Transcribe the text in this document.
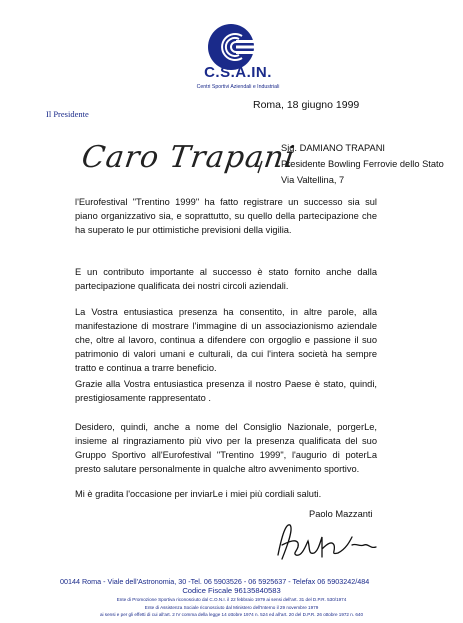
C.S.A.IN.
Centri Sportivi Aziendali e Industriali
Il Presidente
Roma, 18 giugno 1999
Caro Trapani
Sig. DAMIANO TRAPANI
Presidente Bowling Ferrovie dello Stato
Via Valtellina, 7
l'Eurofestival "Trentino 1999" ha fatto registrare un successo sia sul piano organizzativo sia, e soprattutto, su quello della partecipazione che ha superato le pur ottimistiche previsioni della vigilia.
E un contributo importante al successo è stato fornito anche dalla partecipazione qualificata dei nostri circoli aziendali.
La Vostra entusiastica presenza ha consentito, in altre parole, alla manifestazione di mostrare l'immagine di un associazionismo aziendale che, oltre al lavoro, continua a difendere con orgoglio e passione il suo patrimonio di valori umani e culturali, da cui l'intera società ha sempre tratto e continua a trarre beneficio.
Grazie alla Vostra entusiastica presenza il nostro Paese è stato, quindi, prestigiosamente rappresentato .
Desidero, quindi, anche a nome del Consiglio Nazionale, porgerLe, insieme al ringraziamento più vivo per la presenza qualificata del suo Gruppo Sportivo all'Eurofestival "Trentino 1999", l'augurio di poterLa presto salutare personalmente in qualche altro avvenimento sportivo.
Mi è gradita l'occasione per inviarLe i miei più cordiali saluti.
Paolo Mazzanti
00144 Roma - Viale dell'Astronomia, 30 -Tel. 06 5903526 - 06 5925637 - Telefax 06 5903242/484
Codice Fiscale 96135840583
Ente di Promozione Sportiva riconosciuto dal C.O.N.I. il 22 febbraio 1979 ai sensi dell'art. 31 del D.P.R. 530/1974
Ente di Assistenza Sociale riconosciuto dal Ministero dell'Interno il 29 novembre 1979
ai sensi e per gli effetti di cui all'art. 2 IV comma della legge 14 ottobre 1974 n. 524 ed all'art. 20 del D.P.R. 26 ottobre 1972 n. 640
